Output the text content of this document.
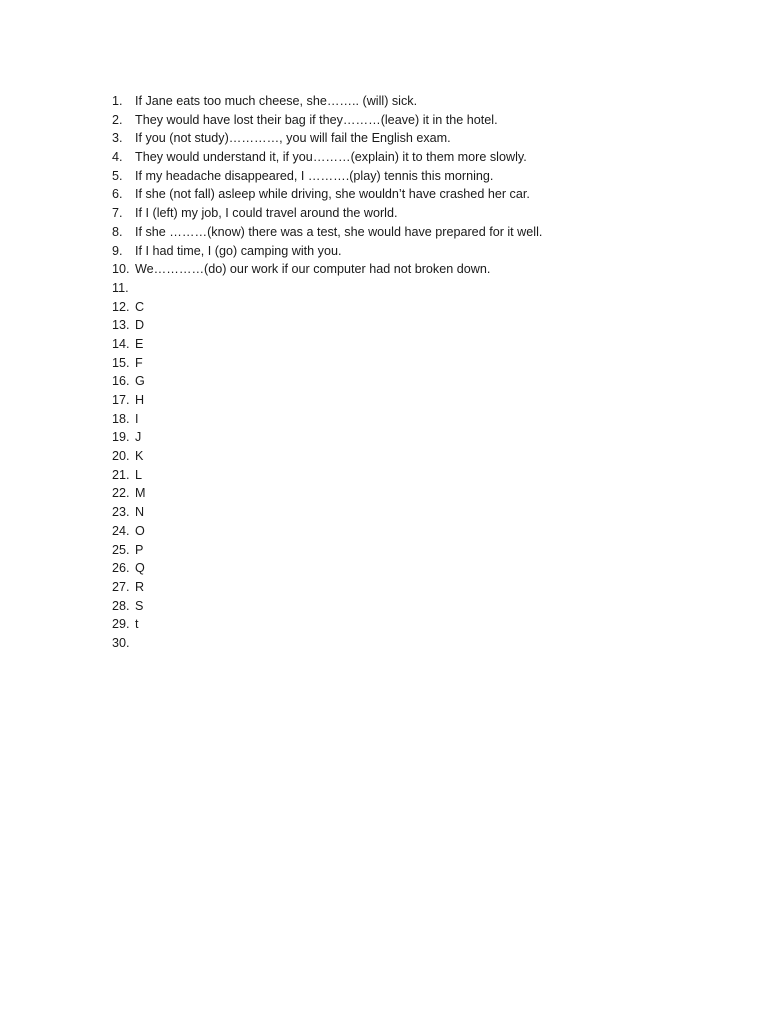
1. If Jane eats too much cheese, she…….. (will) sick.
2. They would have lost their bag if they………(leave) it in the hotel.
3. If you (not study)…………, you will fail the English exam.
4. They would understand it, if you………(explain) it to them more slowly.
5. If my headache disappeared, I ……….(play) tennis this morning.
6. If she (not fall) asleep while driving, she wouldn’t have crashed her car.
7. If I (left) my job, I could travel around the world.
8. If she ………(know) there was a test, she would have prepared for it well.
9. If I had time, I (go) camping with you.
10. We…………(do) our work if our computer had not broken down.
11.
12. C
13. D
14. E
15. F
16. G
17. H
18. I
19. J
20. K
21. L
22. M
23. N
24. O
25. P
26. Q
27. R
28. S
29. t
30.
